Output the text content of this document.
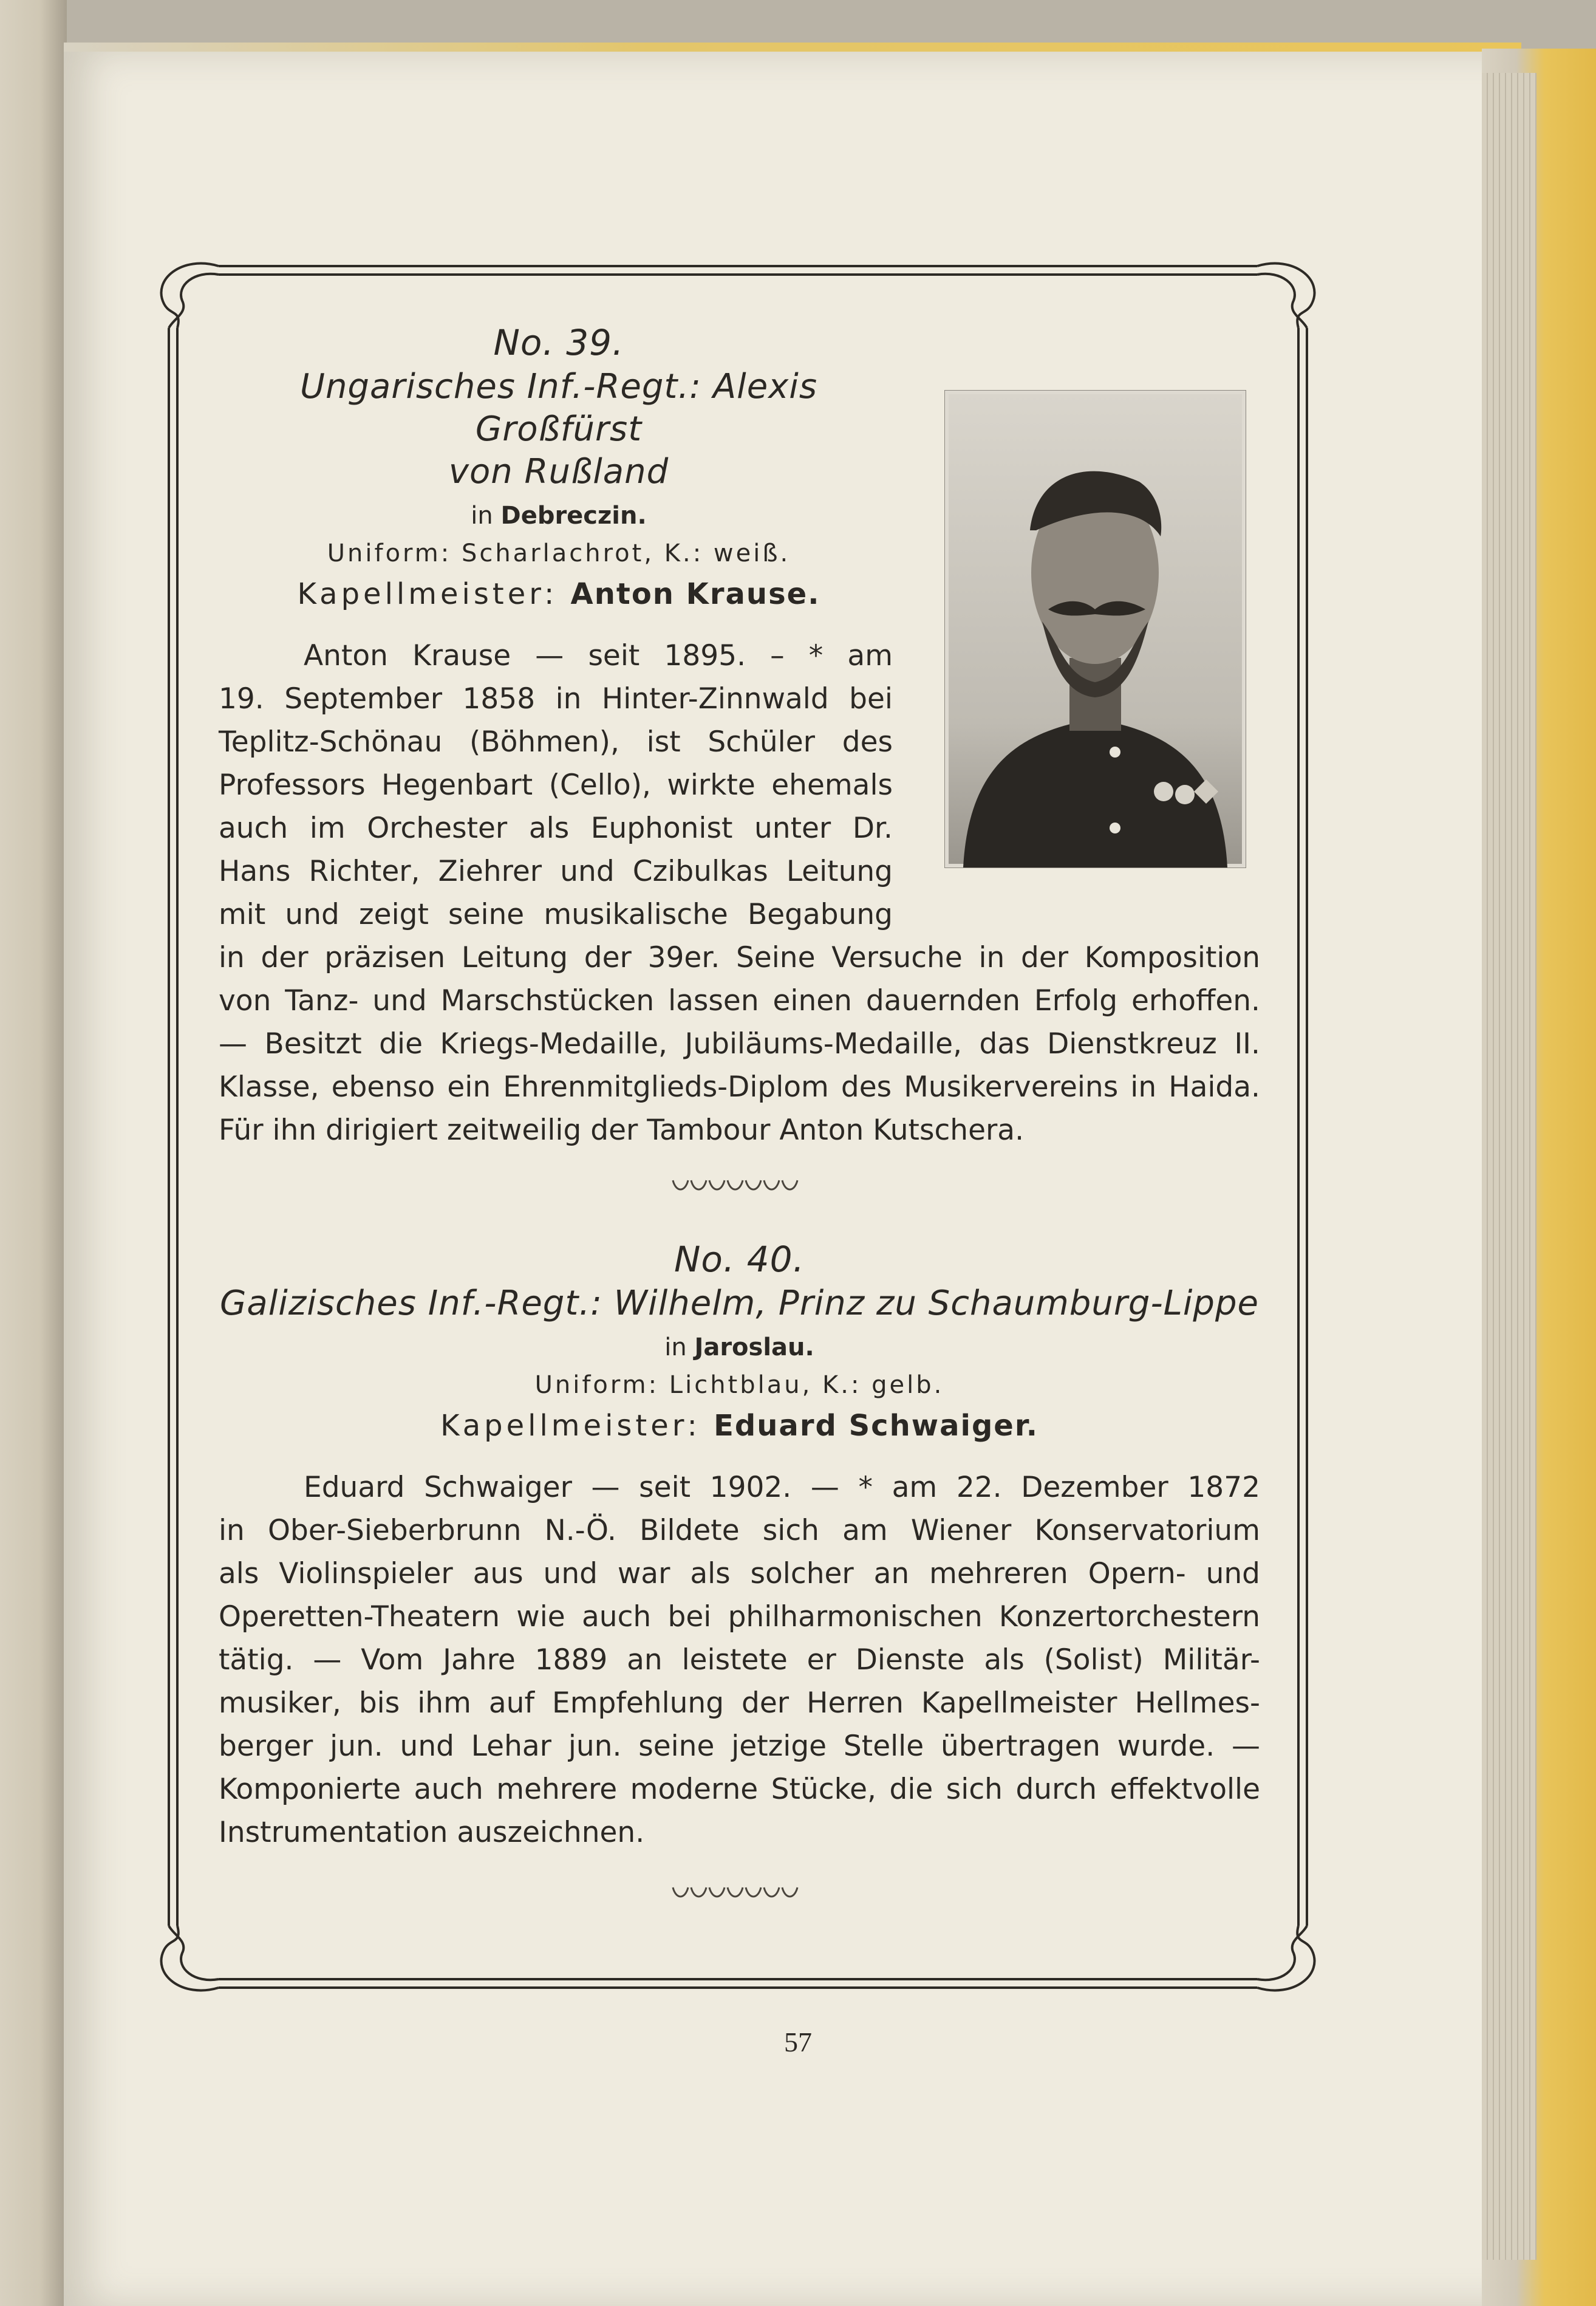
No. 39.
Ungarisches Inf.-Regt.: Alexis Großfürst
von Rußland
in Debreczin.
Uniform: Scharlachrot, K.: weiß.
Kapellmeister: Anton Krause.
Anton Krause — seit 1895. – * am
19. September 1858 in Hinter-Zinnwald bei
Teplitz-Schönau (Böhmen), ist Schüler des
Professors Hegenbart (Cello), wirkte ehemals
auch im Orchester als Euphonist unter Dr.
Hans Richter, Ziehrer und Czibulkas Leitung
mit und zeigt seine musikalische Begabung
in der präzisen Leitung der 39er. Seine Versuche in der Komposition
von Tanz- und Marschstücken lassen einen dauernden Erfolg erhoffen.
— Besitzt die Kriegs-Medaille, Jubiläums-Medaille, das Dienstkreuz II.
Klasse, ebenso ein Ehrenmitglieds-Diplom des Musikervereins in Haida.
Für ihn dirigiert zeitweilig der Tambour Anton Kutschera.
No. 40.
Galizisches Inf.-Regt.: Wilhelm, Prinz zu Schaumburg-Lippe
in Jaroslau.
Uniform: Lichtblau, K.: gelb.
Kapellmeister: Eduard Schwaiger.
Eduard Schwaiger — seit 1902. — * am 22. Dezember 1872
in Ober-Sieberbrunn N.-Ö. Bildete sich am Wiener Konservatorium
als Violinspieler aus und war als solcher an mehreren Opern- und
Operetten-Theatern wie auch bei philharmonischen Konzertorchestern
tätig. — Vom Jahre 1889 an leistete er Dienste als (Solist) Militär-
musiker, bis ihm auf Empfehlung der Herren Kapellmeister Hellmes-
berger jun. und Lehar jun. seine jetzige Stelle übertragen wurde. —
Komponierte auch mehrere moderne Stücke, die sich durch effektvolle
Instrumentation auszeichnen.
57
